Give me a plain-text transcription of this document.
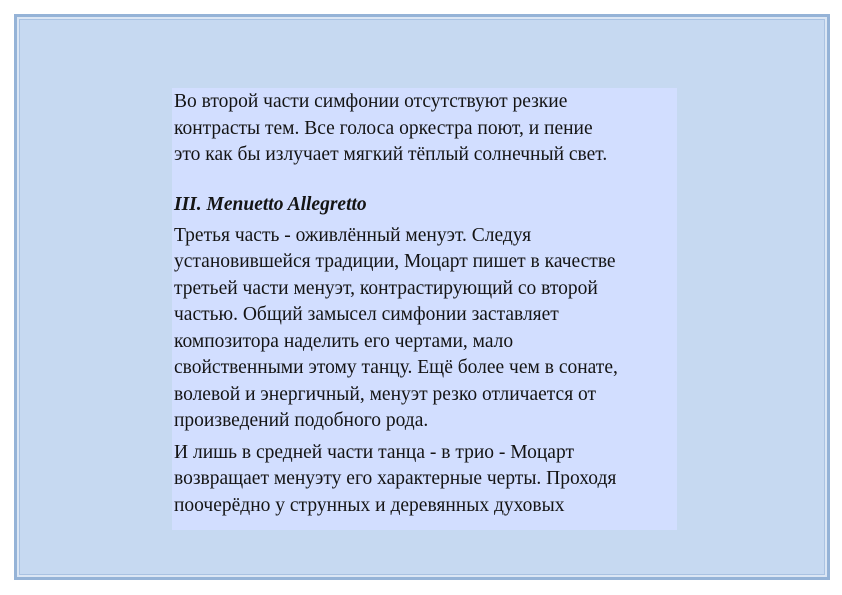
Во второй части симфонии отсутствуют резкие
контрасты тем. Все голоса оркестра поют, и пение
это как бы излучает мягкий тёплый солнечный свет.

III. Menuetto Allegretto

Третья часть - оживлённый менуэт. Следуя
установившейся традиции, Моцарт пишет в качестве
третьей части менуэт, контрастирующий со второй
частью. Общий замысел симфонии заставляет
композитора наделить его чертами, мало
свойственными этому танцу. Ещё более чем в сонате,
волевой и энергичный, менуэт резко отличается от
произведений подобного рода.

И лишь в средней части танца - в трио - Моцарт
возвращает менуэту его характерные черты. Проходя
поочерёдно у струнных и деревянных духовых
